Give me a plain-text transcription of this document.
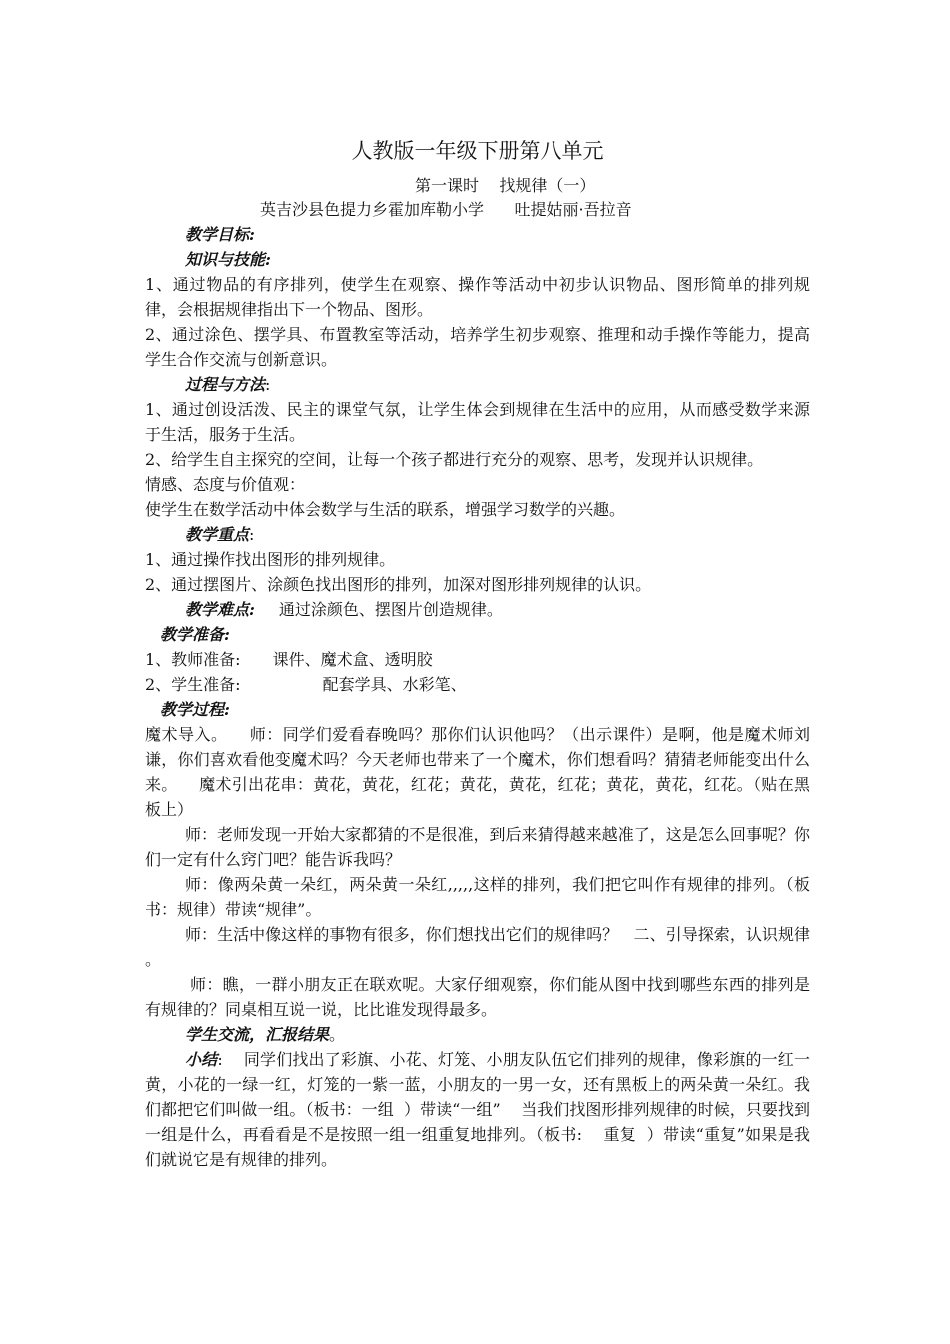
人教版一年级下册第八单元
第一课时    找规律（一）
英吉沙县色提力乡霍加库勒小学      吐提姑丽·吾拉音

教学目标:

知识与技能:

1、通过物品的有序排列，使学生在观察、操作等活动中初步认识物品、图形简单的排列规律，会根据规律指出下一个物品、图形。

2、通过涂色、摆学具、布置教室等活动，培养学生初步观察、推理和动手操作等能力，提高学生合作交流与创新意识。

过程与方法:

1、通过创设活泼、民主的课堂气氛，让学生体会到规律在生活中的应用，从而感受数学来源于生活，服务于生活。

2、给学生自主探究的空间，让每一个孩子都进行充分的观察、思考，发现并认识规律。

情感、态度与价值观：

使学生在数学活动中体会数学与生活的联系，增强学习数学的兴趣。

教学重点:

1、通过操作找出图形的排列规律。

2、通过摆图片、涂颜色找出图形的排列，加深对图形排列规律的认识。

教学难点: 通过涂颜色、摆图片创造规律。

教学准备:

1、教师准备: 课件、魔术盒、透明胶

2、学生准备:	配套学具、水彩笔、

教学过程:

魔术导入。    师：同学们爱看春晚吗？那你们认识他吗？（出示课件）是啊，他是魔术师刘谦，你们喜欢看他变魔术吗？今天老师也带来了一个魔术，你们想看吗？猜猜老师能变出什么来。    魔术引出花串：黄花，黄花，红花；黄花，黄花，红花；黄花，黄花，红花。（贴在黑板上）

师：老师发现一开始大家都猜的不是很准，到后来猜得越来越准了，这是怎么回事呢？你们一定有什么窍门吧？能告诉我吗？

师：像两朵黄一朵红，两朵黄一朵红,,,,,这样的排列，我们把它叫作有规律的排列。（板书：规律）带读“规律”。

师：生活中像这样的事物有很多，你们想找出它们的规律吗？   二、引导探索，认识规律  。

师：瞧，一群小朋友正在联欢呢。大家仔细观察，你们能从图中找到哪些东西的排列是有规律的？同桌相互说一说，比比谁发现得最多。

学生交流，汇报结果。

小结:    同学们找出了彩旗、小花、灯笼、小朋友队伍它们排列的规律，像彩旗的一红一黄，小花的一绿一红，灯笼的一紫一蓝，小朋友的一男一女，还有黑板上的两朵黄一朵红。我们都把它们叫做一组。（板书：一组  ）带读“一组”    当我们找图形排列规律的时候，只要找到一组是什么，再看看是不是按照一组一组重复地排列。（板书:    重复  ）带读“重复”如果是我们就说它是有规律的排列。
